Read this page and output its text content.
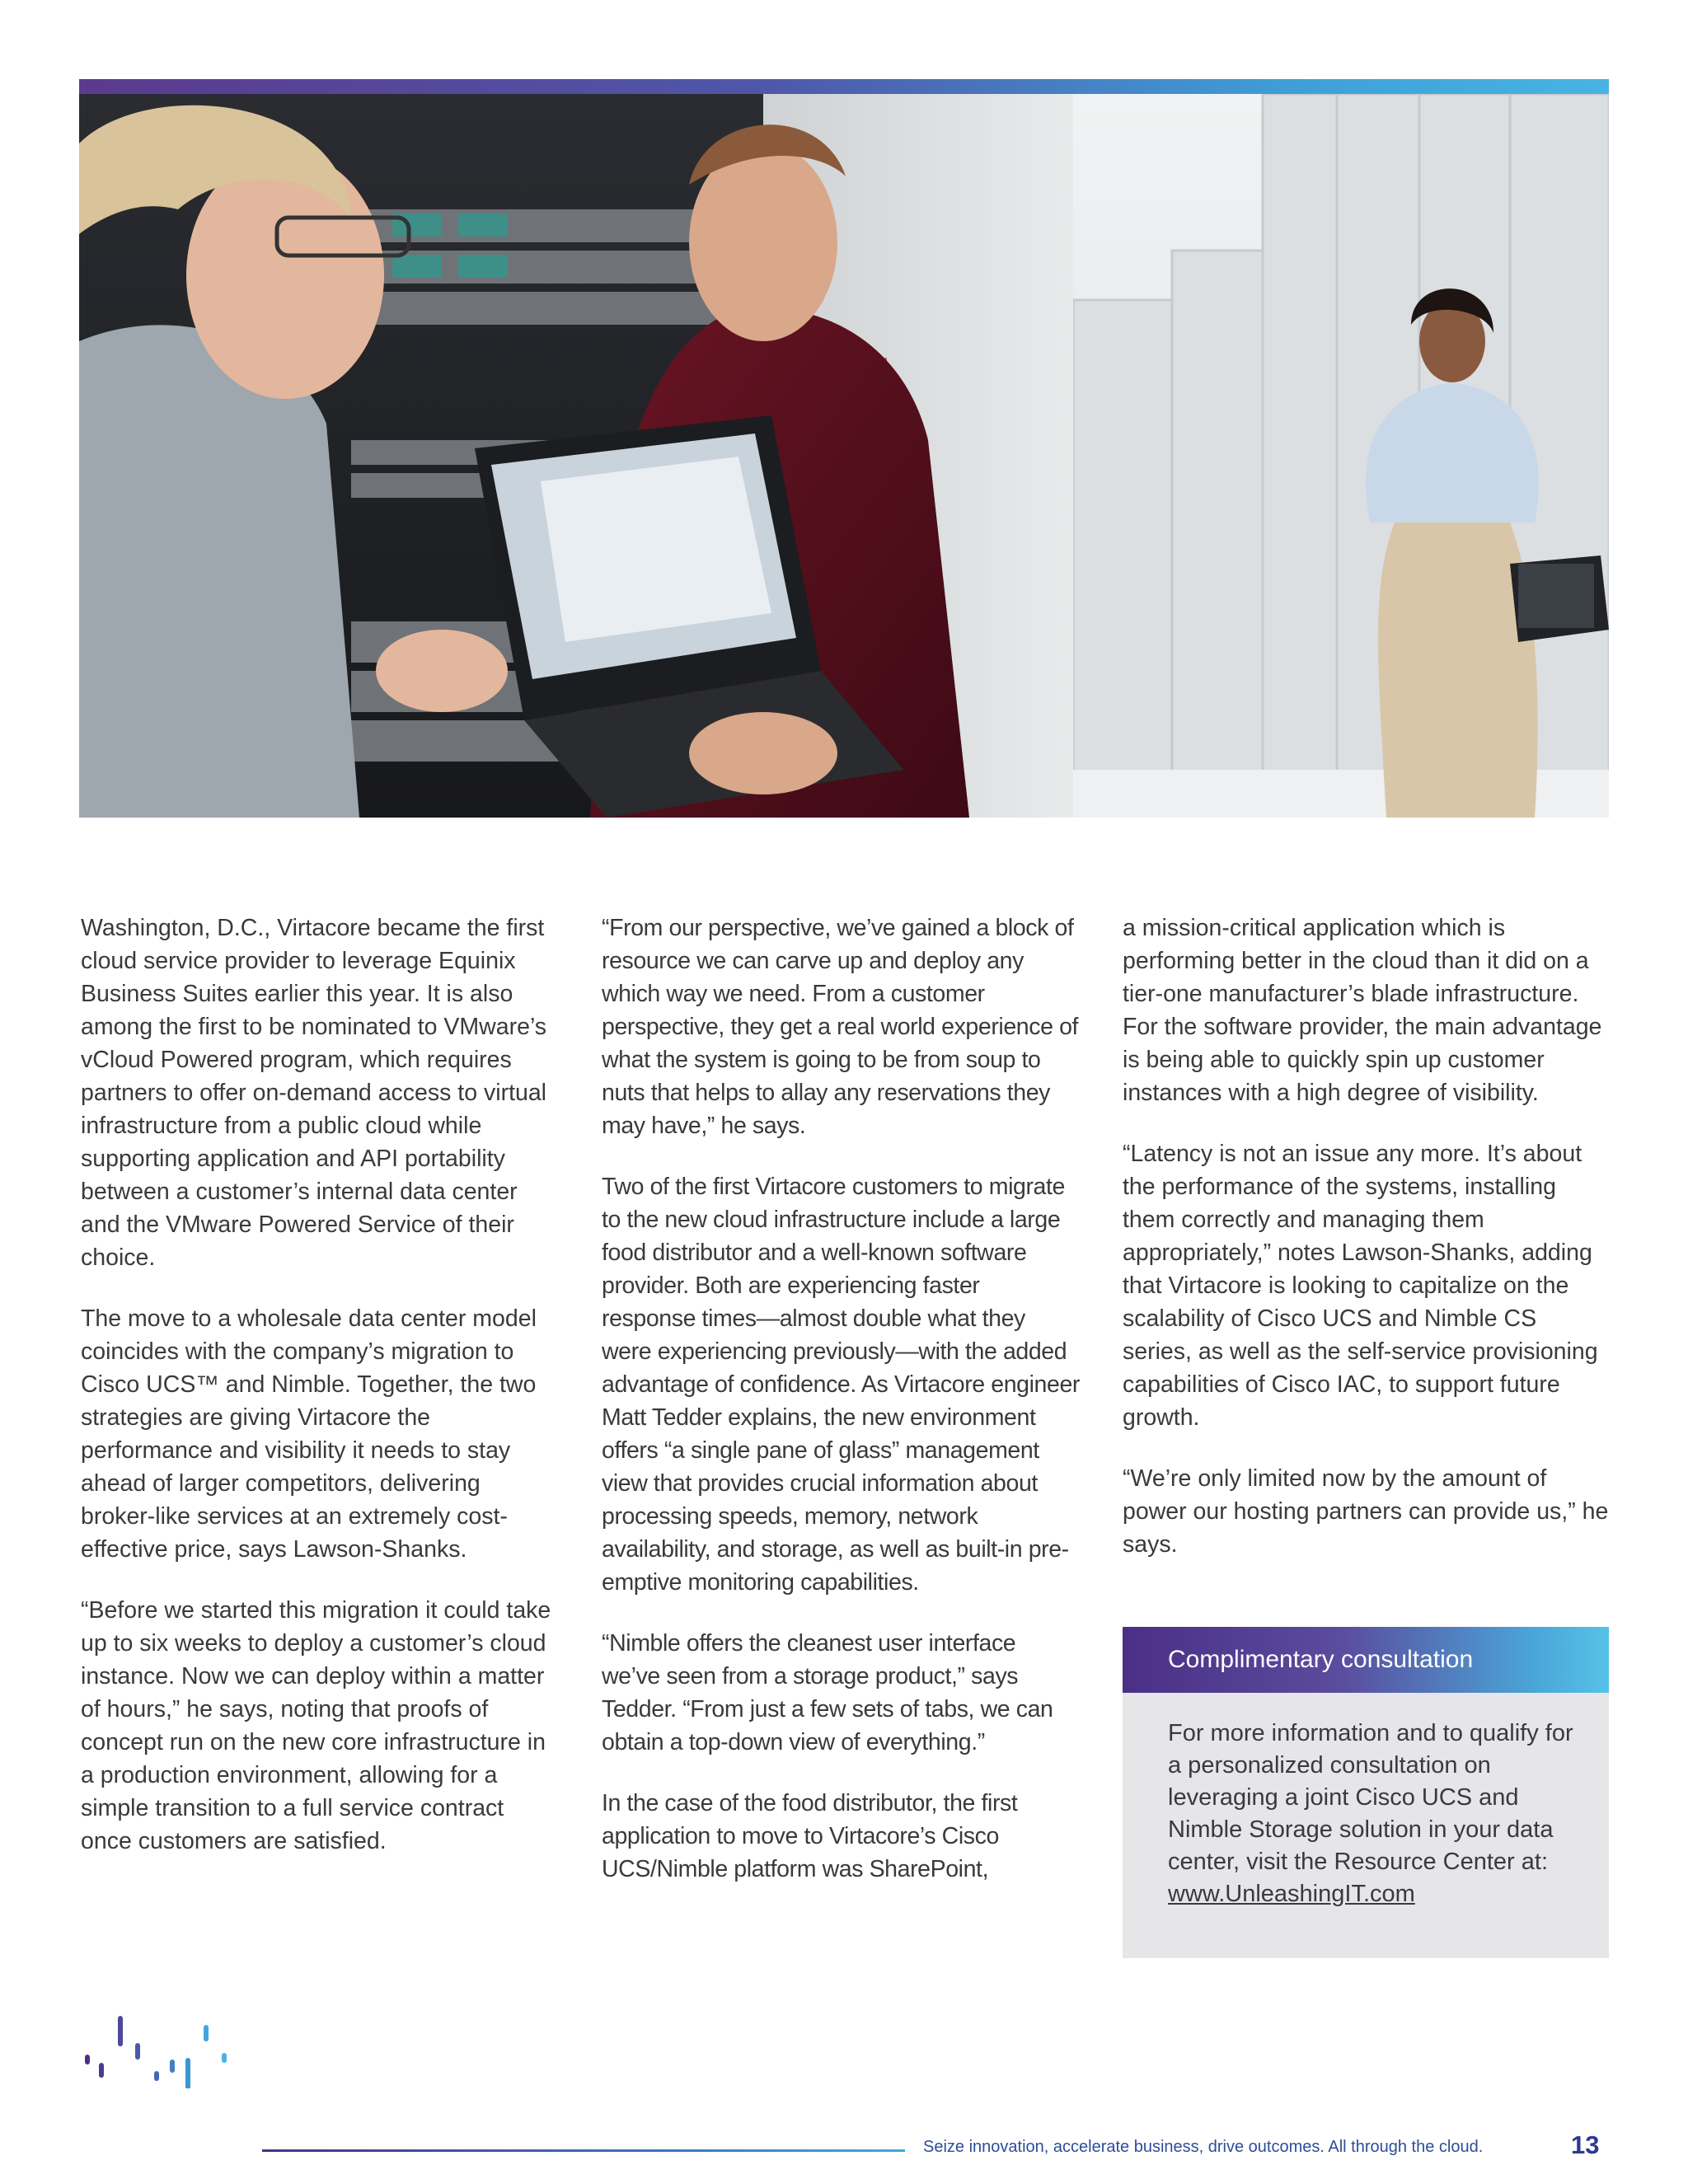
Washington, D.C., Virtacore became the first cloud service provider to leverage Equinix Business Suites earlier this year. It is also among the first to be nominated to VMware’s vCloud Powered program, which requires partners to offer on-demand access to virtual infrastructure from a public cloud while supporting application and API portability between a customer’s internal data center and the VMware Powered Service of their choice.

The move to a wholesale data center model coincides with the company’s migration to Cisco UCS™ and Nimble. Together, the two strategies are giving Virtacore the performance and visibility it needs to stay ahead of larger competitors, delivering broker-like services at an extremely cost-effective price, says Lawson-Shanks.

“Before we started this migration it could take up to six weeks to deploy a customer’s cloud instance. Now we can deploy within a matter of hours,” he says, noting that proofs of concept run on the new core infrastructure in a production environment, allowing for a simple transition to a full service contract once customers are satisfied.

“From our perspective, we’ve gained a block of resource we can carve up and deploy any which way we need. From a customer perspective, they get a real world experience of what the system is going to be from soup to nuts that helps to allay any reservations they may have,” he says.

Two of the first Virtacore customers to migrate to the new cloud infrastructure include a large food distributor and a well-known software provider. Both are experiencing faster response times—almost double what they were experiencing previously—with the added advantage of confidence. As Virtacore engineer Matt Tedder explains, the new environment offers “a single pane of glass” management view that provides crucial information about processing speeds, memory, network availability, and storage, as well as built-in pre-emptive monitoring capabilities.

“Nimble offers the cleanest user interface we’ve seen from a storage product,” says Tedder. “From just a few sets of tabs, we can obtain a top-down view of everything.”

In the case of the food distributor, the first application to move to Virtacore’s Cisco UCS/Nimble platform was SharePoint,

a mission-critical application which is performing better in the cloud than it did on a tier-one manufacturer’s blade infrastructure. For the software provider, the main advantage is being able to quickly spin up customer instances with a high degree of visibility.

“Latency is not an issue any more. It’s about the performance of the systems, installing them correctly and managing them appropriately,” notes Lawson-Shanks, adding that Virtacore is looking to capitalize on the scalability of Cisco UCS and Nimble CS series, as well as the self-service provisioning capabilities of Cisco IAC, to support future growth.

“We’re only limited now by the amount of power our hosting partners can provide us,” he says.

Complimentary consultation
For more information and to qualify for a personalized consultation on leveraging a joint Cisco UCS and Nimble Storage solution in your data center, visit the Resource Center at: www.UnleashingIT.com
Seize innovation, accelerate business, drive outcomes. All through the cloud.	13
